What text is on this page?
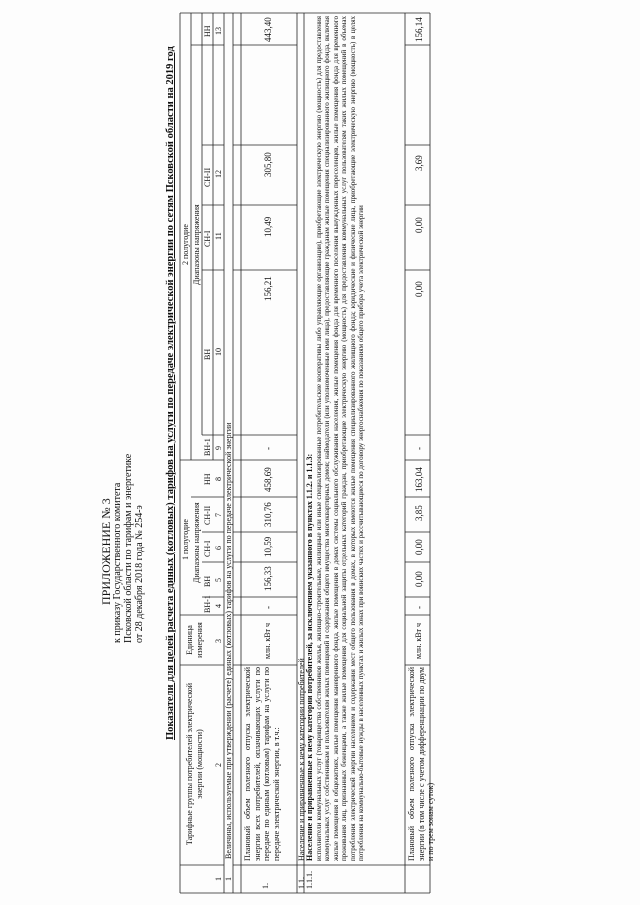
ПРИЛОЖЕНИЕ № 3 к приказу Государственного комитета Псковской области по тарифам и энергетике от 28 декабря 2018 года № 254-э Показатели для целей расчета единых (котловых) тарифов на услуги по передаче электрической энергии по сетям Псковской области на 2019 год
Тарифные группы потребителей электрической энергии (мощности)
Единица измерения
1 полугодие
2 полугодие
Диапазоны напряжения
Диапазоны напряжения
ВН-1
ВН
СН-I
СН-II
НН
ВН-1
ВН
СН-I
СН-II
НН
1
2
3
4
5
6
7
8
9
10
11
12
13
1
Величины, используемые при утверждении (расчете) единых (котловых) тарифов на услуги по передаче электрической энергии
1.
Плановый объем полезного отпуска электрической энергии всех потребителей, оплачивающих услуги по передаче по единым (котловым) тарифам на услуги по передаче электрической энергии, в т.ч.:
млн. кВт ч
-
156,33
10,59
310,76
458,69
-
156,21
10,49
305,80
443,40
1.1.
Население и приравненные к нему категории потребителей
1.1.1.
Население и приравненные к нему категории потребителей, за исключением указанного в пунктах 1.1.2. и 1.1.3: исполнители коммунальных услуг (товарищества собственников жилья, жилищно-строительные, жилищные или иные специализированные потребительские кооперативы либо управляющие организации), приобретающие электрическую энергию (мощность) для предоставления коммунальных услуг собственникам и пользователям жилых помещений и содержания общего имущества многоквартирных домов; наймодатели (или уполномоченные ими лица), предоставляющие гражданам жилые помещения специализированного жилищного фонда, включая жилые помещения в общежитиях, жилые помещения маневренного фонда, жилые помещения в домах системы социального обслуживания населения, жилые помещения фонда для временного поселения вынужденных переселенцев, жилые помещения фонда для временного проживания лиц, признанных беженцами, а также жилые помещения для социальной защиты отдельных категорий граждан, приобретающие электрическую энергию (мощность) для предоставления коммунальных услуг пользователям таких жилых помещений в объемах потребления электрической энергии населением и содержания мест общего пользования в домах, в которых имеются жилые помещения специализированного жилищного фонда; юридические и физические лица, приобретающие электрическую энергию (мощность) в целях потребления на коммунально-бытовые нужды в населенных пунктах и жилых зонах при воинских частях и рассчитывающиеся по договору энергоснабжения по показаниям общего прибора учета электрической энергии	Плановый объем полезного отпуска электрической энергии (в том числе с учетом дифференциации по двум и по трем зонам суток)
млн. кВт ч
-
0,00
0,00
3,85
163,04
-
0,00
0,00
3,69
156,14
